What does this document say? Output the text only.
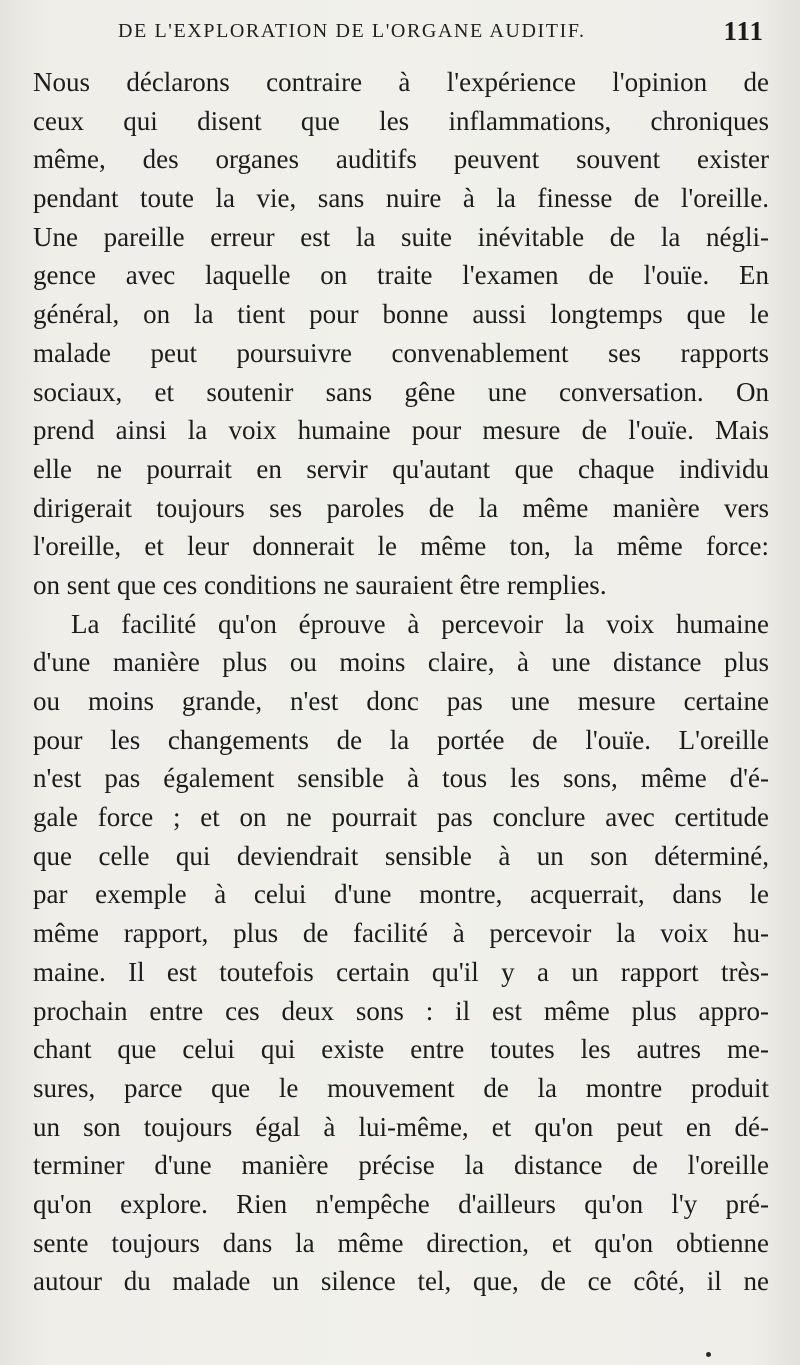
DE L'EXPLORATION DE L'ORGANE AUDITIF.	111
Nous déclarons contraire à l'expérience l'opinion de
ceux qui disent que les inflammations, chroniques
même, des organes auditifs peuvent souvent exister
pendant toute la vie, sans nuire à la finesse de l'oreille.
Une pareille erreur est la suite inévitable de la négli-
gence avec laquelle on traite l'examen de l'ouïe. En
général, on la tient pour bonne aussi longtemps que le
malade peut poursuivre convenablement ses rapports
sociaux, et soutenir sans gêne une conversation. On
prend ainsi la voix humaine pour mesure de l'ouïe. Mais
elle ne pourrait en servir qu'autant que chaque individu
dirigerait toujours ses paroles de la même manière vers
l'oreille, et leur donnerait le même ton, la même force:
on sent que ces conditions ne sauraient être remplies.
La facilité qu'on éprouve à percevoir la voix humaine
d'une manière plus ou moins claire, à une distance plus
ou moins grande, n'est donc pas une mesure certaine
pour les changements de la portée de l'ouïe. L'oreille
n'est pas également sensible à tous les sons, même d'é-
gale force ; et on ne pourrait pas conclure avec certitude
que celle qui deviendrait sensible à un son déterminé,
par exemple à celui d'une montre, acquerrait, dans le
même rapport, plus de facilité à percevoir la voix hu-
maine. Il est toutefois certain qu'il y a un rapport très-
prochain entre ces deux sons : il est même plus appro-
chant que celui qui existe entre toutes les autres me-
sures, parce que le mouvement de la montre produit
un son toujours égal à lui-même, et qu'on peut en dé-
terminer d'une manière précise la distance de l'oreille
qu'on explore. Rien n'empêche d'ailleurs qu'on l'y pré-
sente toujours dans la même direction, et qu'on obtienne
autour du malade un silence tel, que, de ce côté, il ne
